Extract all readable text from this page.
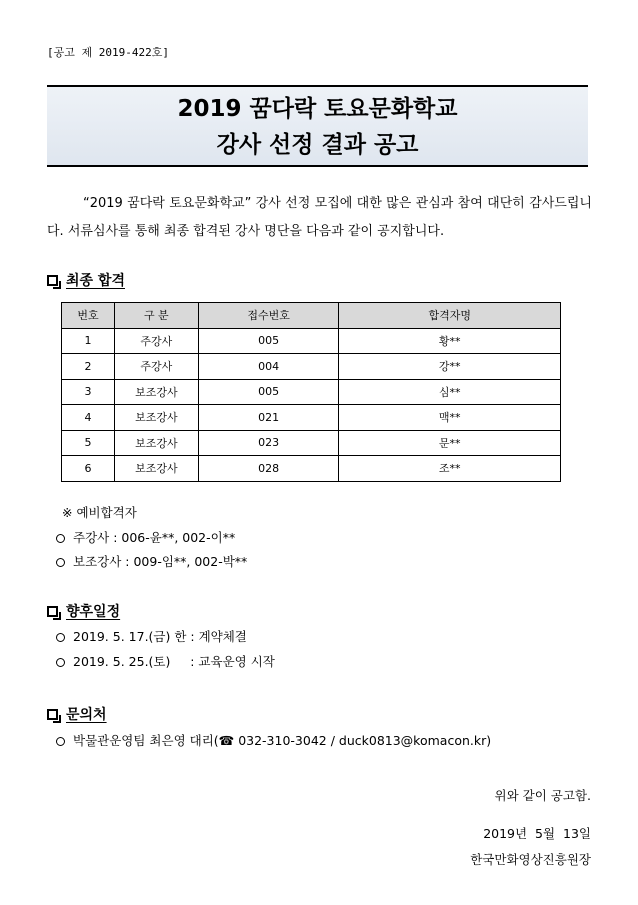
[공고 제 2019-422호]
2019 꿈다락 토요문화학교
강사 선정 결과 공고
“2019 꿈다락 토요문화학교” 강사 선정 모집에 대한 많은 관심과 참여 대단히 감사드립니다. 서류심사를 통해 최종 합격된 강사 명단을 다음과 같이 공지합니다.
최종 합격
번호	구 분	접수번호	합격자명
1	주강사	005	황**
2	주강사	004	강**
3	보조강사	005	심**
4	보조강사	021	맥**
5	보조강사	023	문**
6	보조강사	028	조**
※ 예비합격자
주강사 : 006-윤**, 002-이**
보조강사 : 009-임**, 002-박**
향후일정
2019. 5. 17.(금) 한 : 계약체결
2019. 5. 25.(토)     : 교육운영 시작
문의처
박물관운영팀 최은영 대리(☎ 032-310-3042 / duck0813@komacon.kr)
위와 같이 공고함.
2019년  5월  13일
한국만화영상진흥원장
